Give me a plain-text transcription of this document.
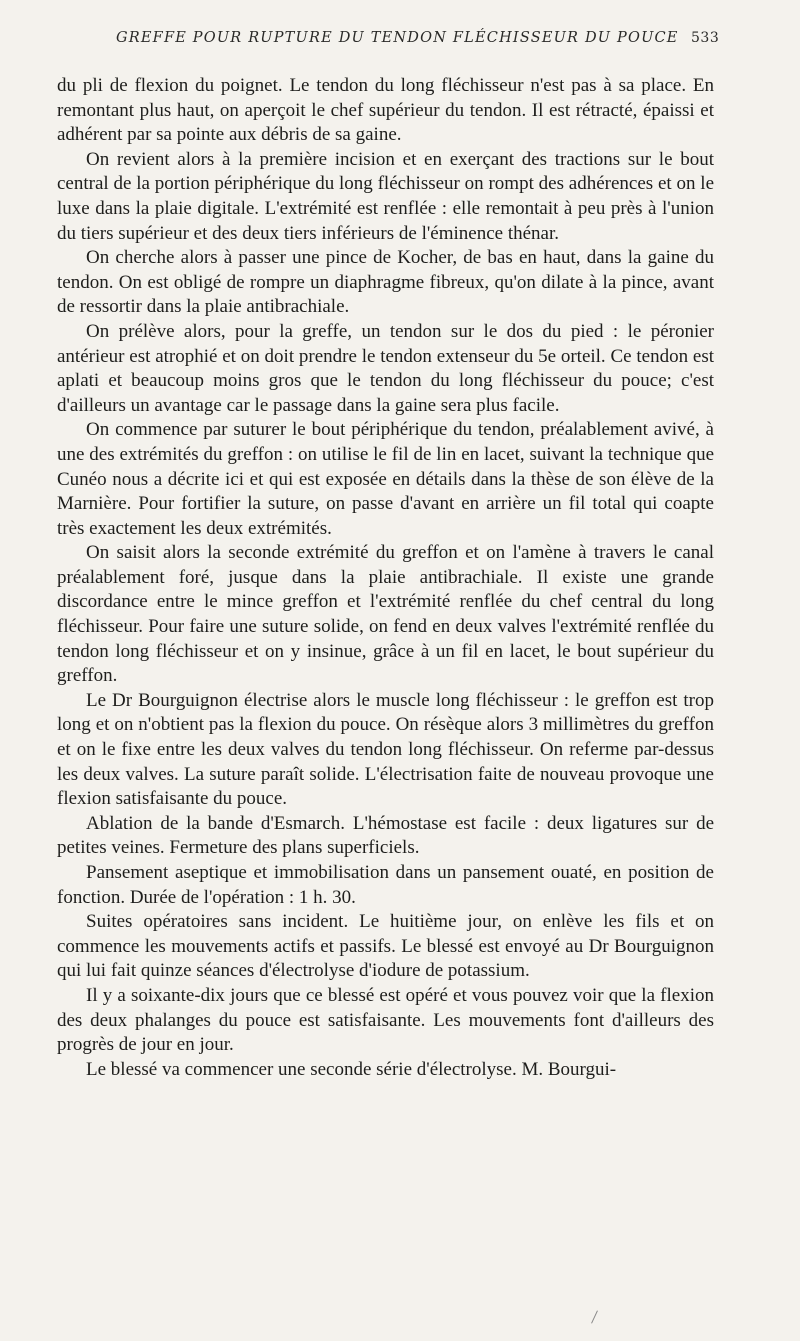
GREFFE POUR RUPTURE DU TENDON FLÉCHISSEUR DU POUCE 533

du pli de flexion du poignet. Le tendon du long fléchisseur n'est pas à sa place. En remontant plus haut, on aperçoit le chef supérieur du tendon. Il est rétracté, épaissi et adhérent par sa pointe aux débris de sa gaine.

On revient alors à la première incision et en exerçant des tractions sur le bout central de la portion périphérique du long fléchisseur on rompt des adhérences et on le luxe dans la plaie digitale. L'extrémité est renflée : elle remontait à peu près à l'union du tiers supérieur et des deux tiers inférieurs de l'éminence thénar.

On cherche alors à passer une pince de Kocher, de bas en haut, dans la gaine du tendon. On est obligé de rompre un diaphragme fibreux, qu'on dilate à la pince, avant de ressortir dans la plaie antibrachiale.

On prélève alors, pour la greffe, un tendon sur le dos du pied : le péronier antérieur est atrophié et on doit prendre le tendon extenseur du 5e orteil. Ce tendon est aplati et beaucoup moins gros que le tendon du long fléchisseur du pouce; c'est d'ailleurs un avantage car le passage dans la gaine sera plus facile.

On commence par suturer le bout périphérique du tendon, préalablement avivé, à une des extrémités du greffon : on utilise le fil de lin en lacet, suivant la technique que Cunéo nous a décrite ici et qui est exposée en détails dans la thèse de son élève de la Marnière. Pour fortifier la suture, on passe d'avant en arrière un fil total qui coapte très exactement les deux extrémités.

On saisit alors la seconde extrémité du greffon et on l'amène à travers le canal préalablement foré, jusque dans la plaie antibrachiale. Il existe une grande discordance entre le mince greffon et l'extrémité renflée du chef central du long fléchisseur. Pour faire une suture solide, on fend en deux valves l'extrémité renflée du tendon long fléchisseur et on y insinue, grâce à un fil en lacet, le bout supérieur du greffon.

Le Dr Bourguignon électrise alors le muscle long fléchisseur : le greffon est trop long et on n'obtient pas la flexion du pouce. On résèque alors 3 millimètres du greffon et on le fixe entre les deux valves du tendon long fléchisseur. On referme par-dessus les deux valves. La suture paraît solide. L'électrisation faite de nouveau provoque une flexion satisfaisante du pouce.

Ablation de la bande d'Esmarch. L'hémostase est facile : deux ligatures sur de petites veines. Fermeture des plans superficiels.

Pansement aseptique et immobilisation dans un pansement ouaté, en position de fonction. Durée de l'opération : 1 h. 30.

Suites opératoires sans incident. Le huitième jour, on enlève les fils et on commence les mouvements actifs et passifs. Le blessé est envoyé au Dr Bourguignon qui lui fait quinze séances d'électrolyse d'iodure de potassium.

Il y a soixante-dix jours que ce blessé est opéré et vous pouvez voir que la flexion des deux phalanges du pouce est satisfaisante. Les mouvements font d'ailleurs des progrès de jour en jour.

Le blessé va commencer une seconde série d'électrolyse. M. Bourgui-
